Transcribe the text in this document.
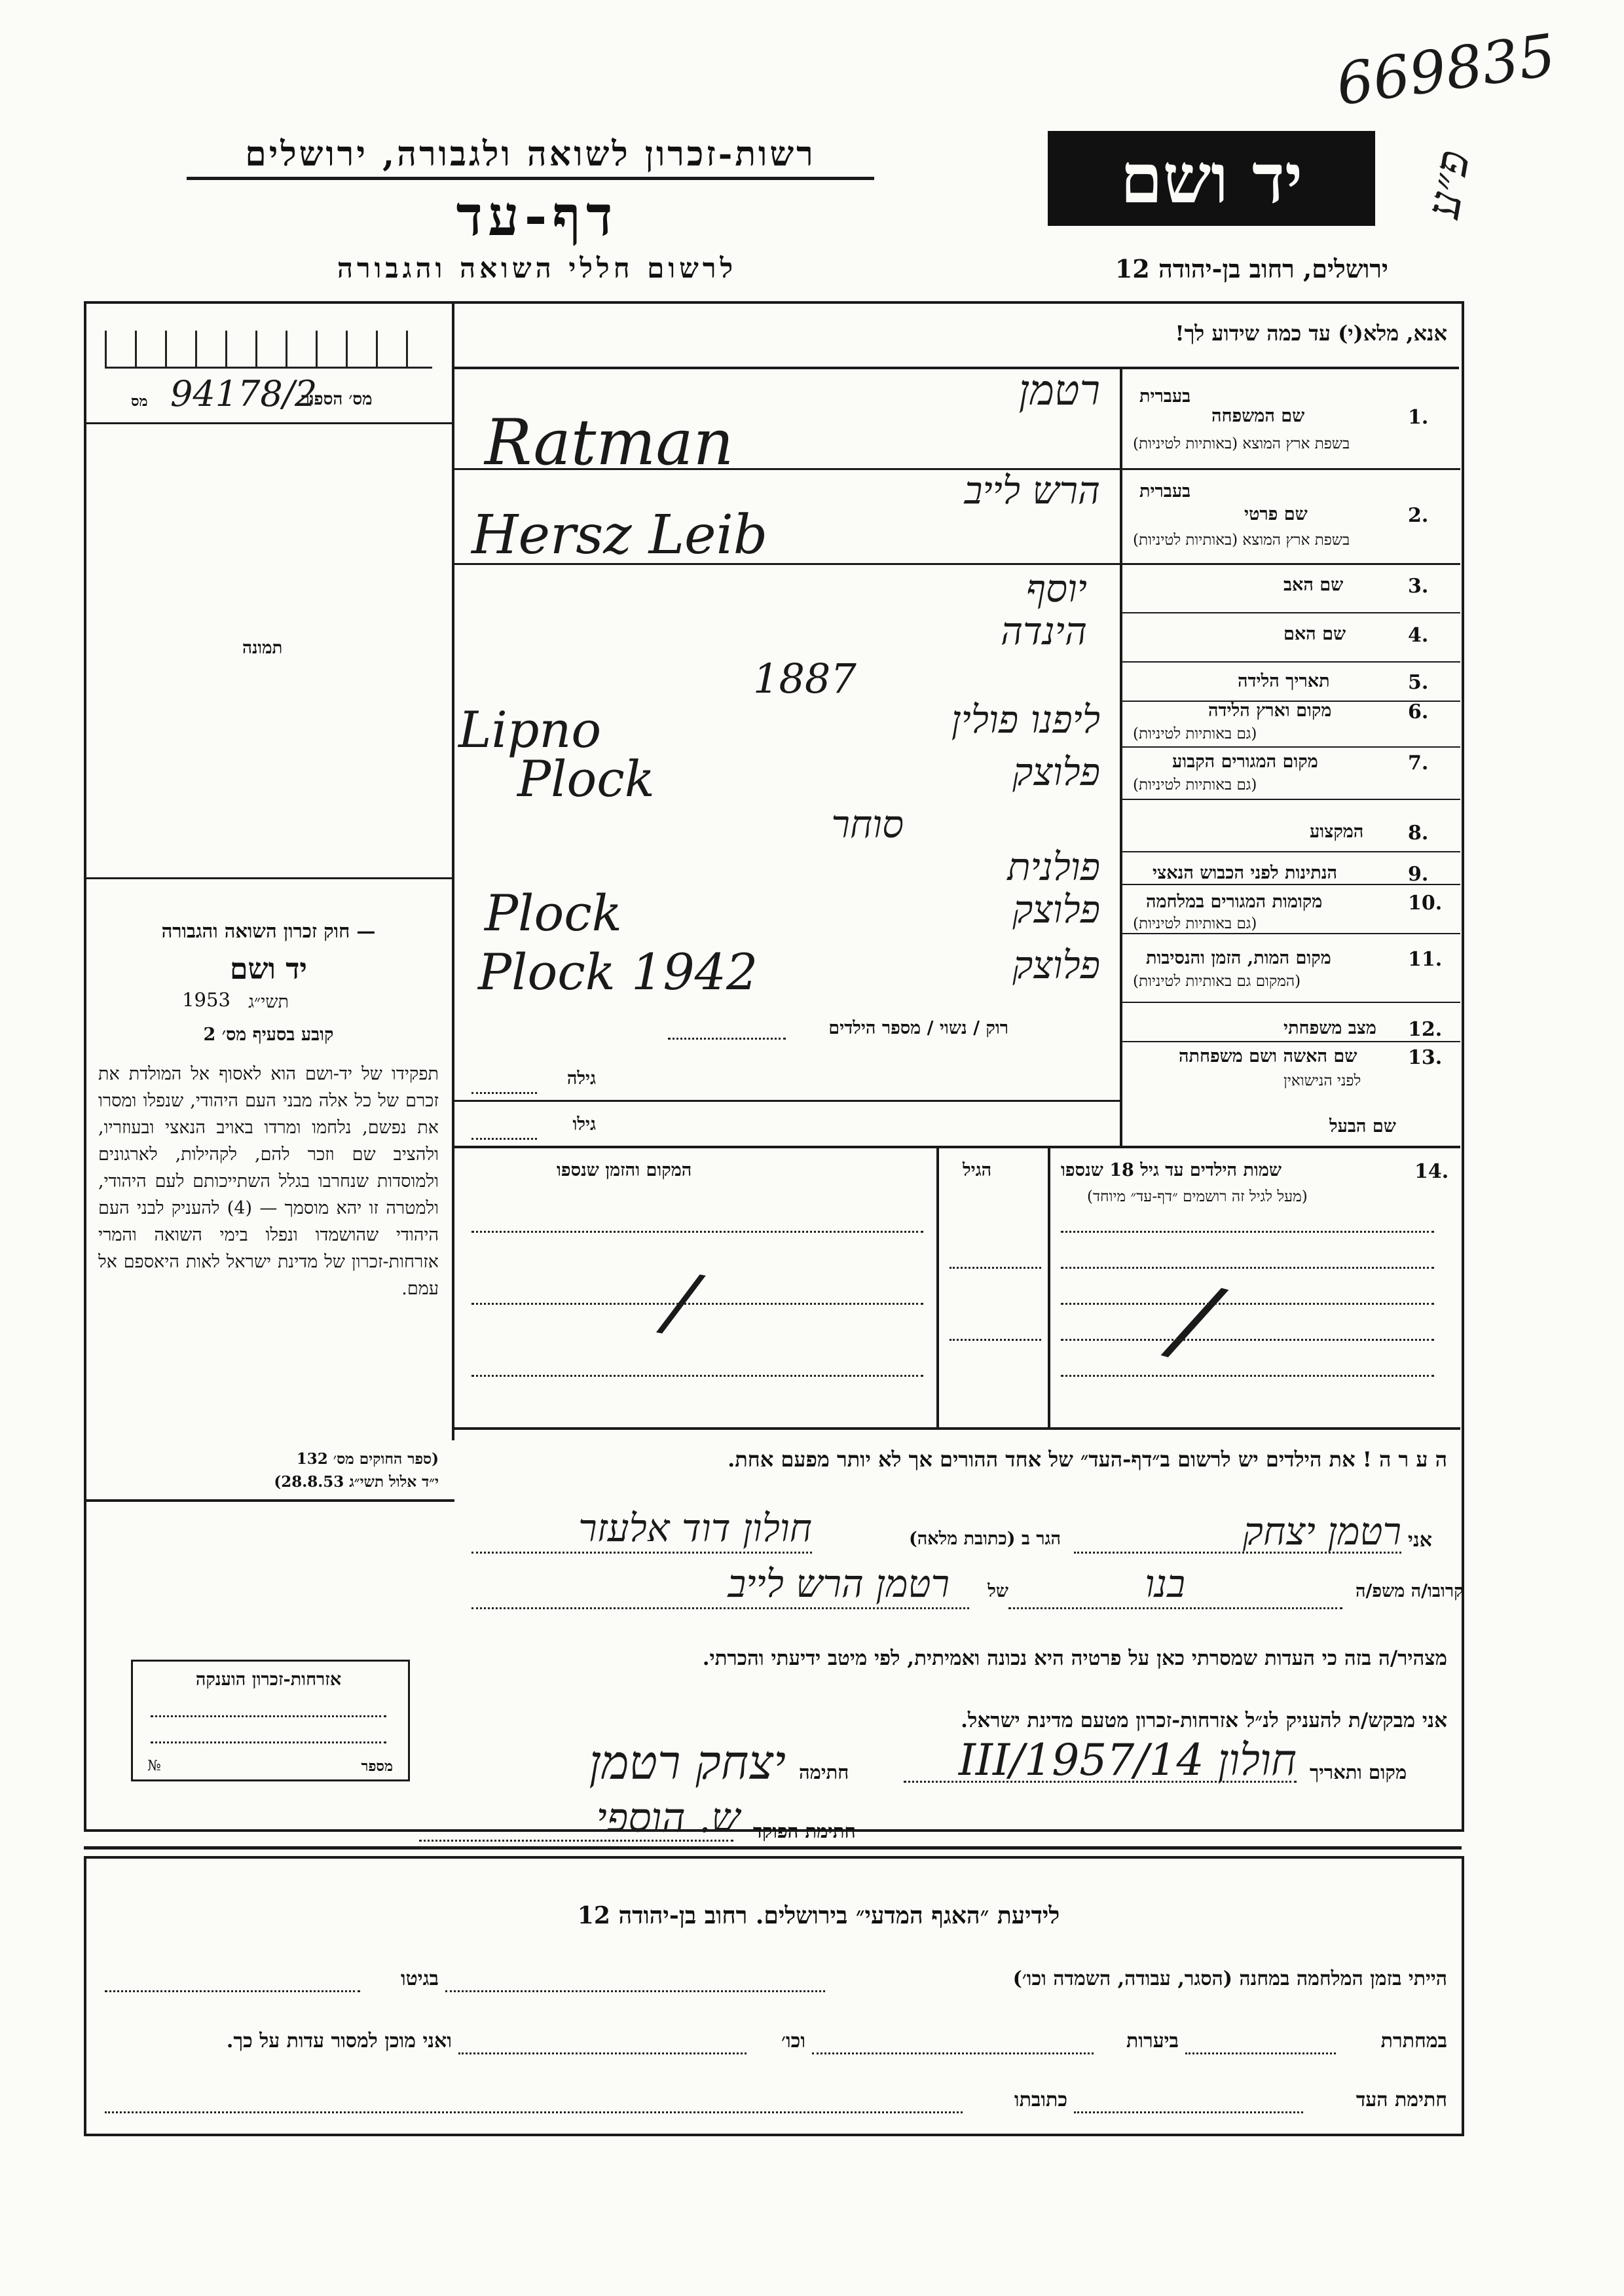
669835
פ״ע
רשות-זכרון לשואה ולגבורה, ירושלים
דף-עד
לרשום חללי השואה והגבורה
יד ושם
ירושלים, רחוב בן-יהודה 12
אנא, מלא(י) עד כמה שידוע לך!
מס׳ הספור
94178/2
מס
תמונה
— חוק זכרון השואה והגבורה
יד ושם
תשי״ג
1953
קובע בסעיף מס׳ 2
תפקידו של יד-ושם הוא לאסוף אל המולדת את זכרם של כל אלה מבני העם היהודי, שנפלו ומסרו את נפשם, נלחמו ומרדו באויב הנאצי ובעוזריו, ולהציב שם וזכר להם, לקהילות, לארגונים ולמוסדות שנחרבו בגלל השתייכותם לעם היהודי, ולמטרה זו יהא מוסמך — (4) להעניק לבני העם היהודי שהושמדו ונפלו בימי השואה והמרי אזרחות-זכרון של מדינת ישראל לאות היאספם אל עמם.
(ספר החוקים מס׳ 132
י״ד אלול תשי״ג 28.8.53)
בעברית
שם המשפחה	1.
בשפת ארץ המוצא (באותיות לטיניות)
Ratman
רטמן
בעברית
שם פרטי	2.
בשפת ארץ המוצא (באותיות לטיניות)
Hersz Leib
הרש לייב
שם האב	3.
יוסף
שם האם	4.
הינדה
תאריך הלידה	5.
1887
מקום וארץ הלידה	6.
(גם באותיות לטיניות)
Lipno	ליפנו פולין
מקום המגורים הקבוע	7.
(גם באותיות לטיניות)
Plock	פלוצק
המקצוע 8.
סוחר
הנתינות לפני הכבוש הנאצי	9.
פולנית
מקומות המגורים במלחמה	10.
(גם באותיות לטיניות)
Plock	פלוצק
מקום המות, הזמן והנסיבות	11.
(המקום גם באותיות לטיניות)
Plock 1942	פלוצק
מצב משפחתי 12.
רוק / נשוי / מספר הילדים
שם האשה ושם משפחתה	13.
לפני הנישואין
גילה
שם הבעל
גילו
14.
שמות הילדים עד גיל 18 שנספו
(מעל לגיל זה רושמים ״דף-עד״ מיוחד)
הגיל
המקום והזמן שנספו
/
/
ה ע ר ה ! את הילדים יש לרשום ב״דף-העד״ של אחד ההורים אך לא יותר מפעם אחת.
אני
רטמן יצחק
הגר ב (כתובת מלאה)
חולון דוד אלעזר
קרובו/ה משפ/ה
בנו
של
רטמן הרש לייב
מצהיר/ה בזה כי העדות שמסרתי כאן על פרטיה היא נכונה ואמיתית, לפי מיטב ידיעתי והכרתי.
אני מבקש/ת להעניק לנ״ל אזרחות-זכרון מטעם מדינת ישראל.
מקום ותאריך
חולון 14/III/1957
חתימה
יצחק רטמן
חתימת הפוקד
ש. הוספי
אזרחות-זכרון הוענקה
№	מספר
לידיעת ״האגף המדעי״ בירושלים. רחוב בן-יהודה 12
הייתי בזמן המלחמה במחנה (הסגר, עבודה, השמדה וכו׳)
בגיטו
במחתרת
ביערות
וכו׳
ואני מוכן למסור עדות על כך.
חתימת העד
כתובתו
